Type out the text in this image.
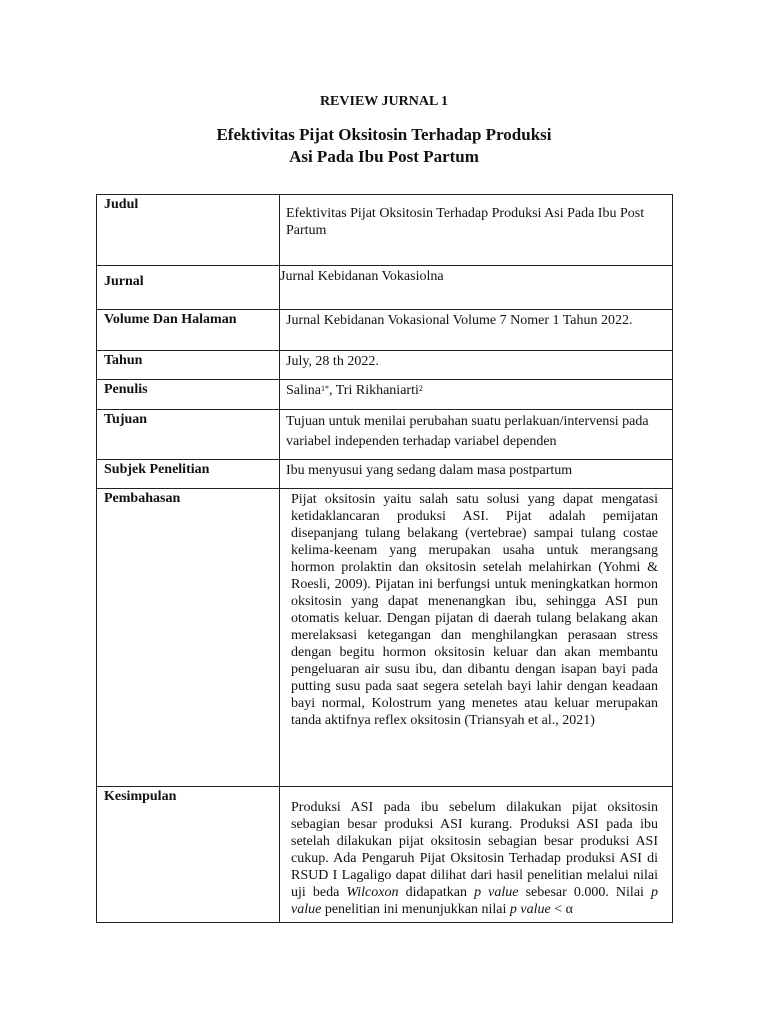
REVIEW JURNAL 1
Efektivitas Pijat Oksitosin Terhadap Produksi
Asi Pada Ibu Post Partum
Judul	Efektivitas Pijat Oksitosin Terhadap Produksi Asi Pada Ibu Post Partum

Jurnal	Jurnal Kebidanan Vokasiolna

Volume Dan Halaman	Jurnal Kebidanan Vokasional Volume 7 Nomer 1 Tahun 2022.

Tahun	July, 28 th 2022.

Penulis	Salina$^{1*}$, Tri Rikhaniarti$^2$

Tujuan	Tujuan untuk menilai perubahan suatu perlakuan/intervensi pada variabel independen terhadap variabel dependen

Subjek Penelitian	Ibu menyusui yang sedang dalam masa postpartum

Pembahasan	Pijat oksitosin yaitu salah satu solusi yang dapat mengatasi ketidaklancaran produksi ASI. Pijat adalah pemijatan disepanjang tulang belakang (vertebrae) sampai tulang costae kelima-keenam yang merupakan usaha untuk merangsang hormon prolaktin dan oksitosin setelah melahirkan (Yohmi & Roesli, 2009). Pijatan ini berfungsi untuk meningkatkan hormon oksitosin yang dapat menenangkan ibu, sehingga ASI pun otomatis keluar. Dengan pijatan di daerah tulang belakang akan merelaksasi ketegangan dan menghilangkan perasaan stress dengan begitu hormon oksitosin keluar dan akan membantu pengeluaran air susu ibu, dan dibantu dengan isapan bayi pada putting susu pada saat segera setelah bayi lahir dengan keadaan bayi normal, Kolostrum yang menetes atau keluar merupakan tanda aktifnya reflex oksitosin (Triansyah et al., 2021)

Kesimpulan	Produksi ASI pada ibu sebelum dilakukan pijat oksitosin sebagian besar produksi ASI kurang. Produksi ASI pada ibu setelah dilakukan pijat oksitosin sebagian besar produksi ASI cukup. Ada Pengaruh Pijat Oksitosin Terhadap produksi ASI di RSUD I Lagaligo dapat dilihat dari hasil penelitian melalui nilai uji beda Wilcoxon didapatkan p value sebesar 0.000. Nilai p value penelitian ini menunjukkan nilai p value < α
